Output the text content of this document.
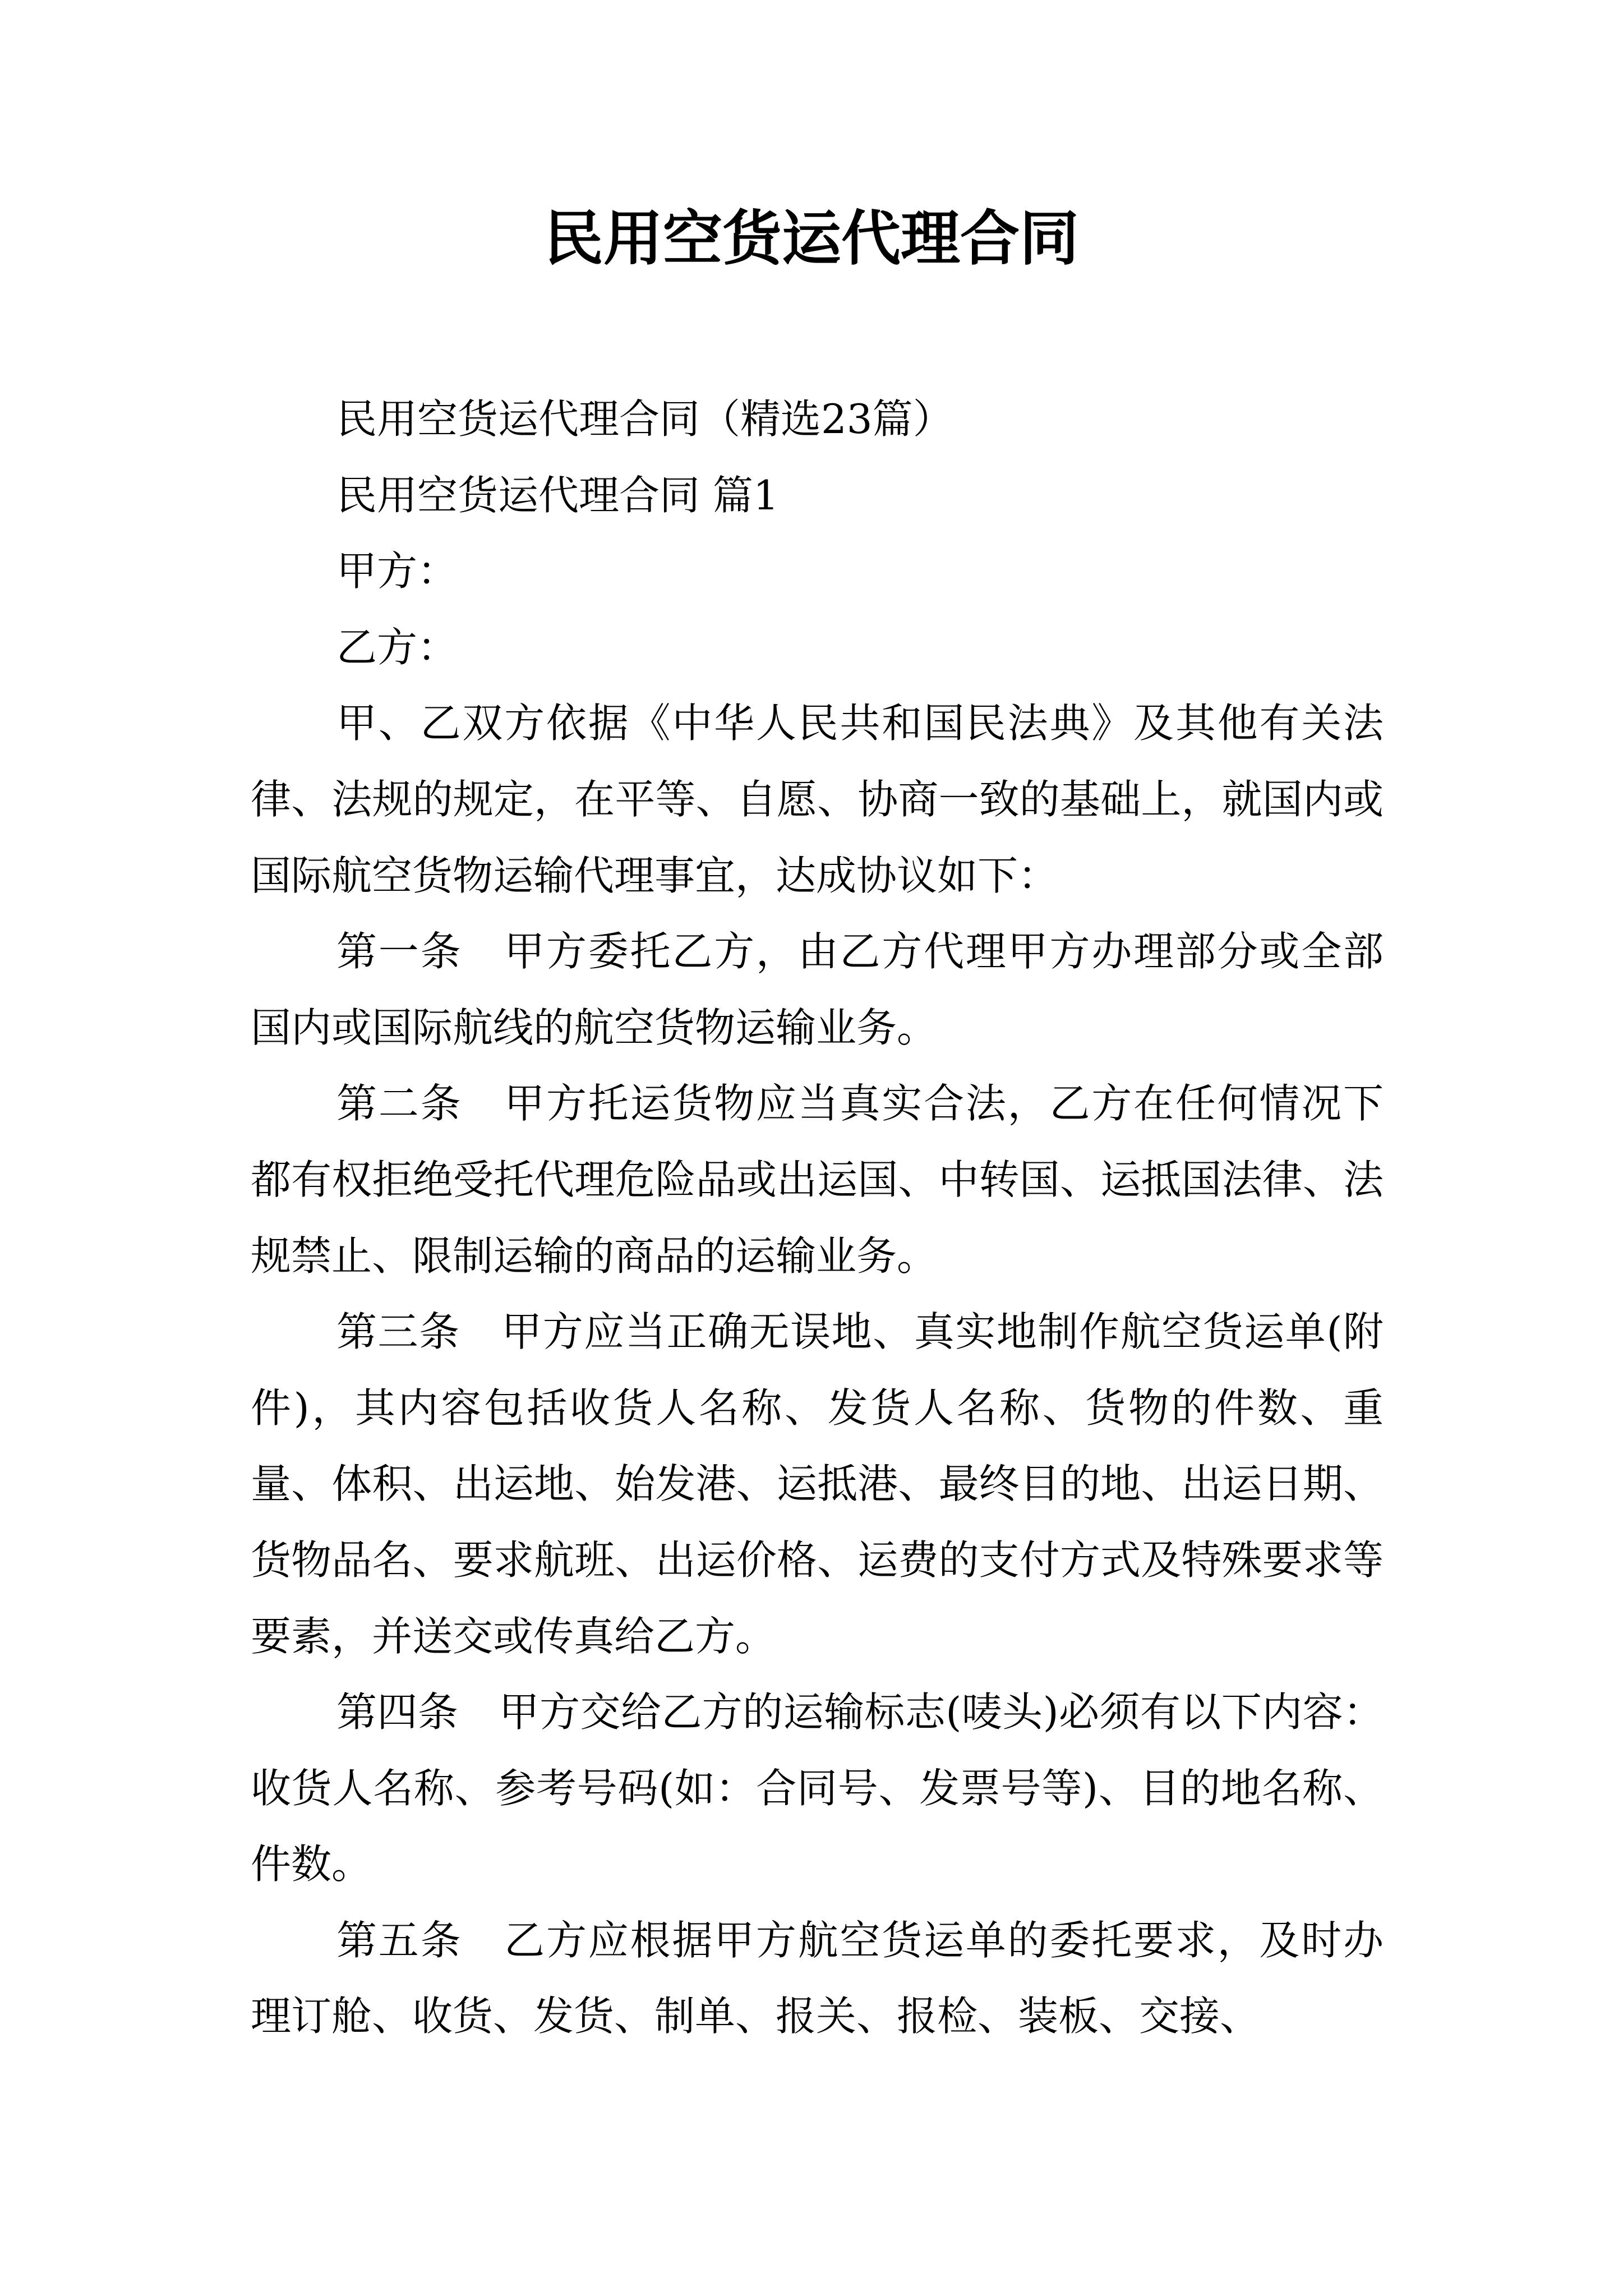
民用空货运代理合同

民用空货运代理合同（精选23篇）

民用空货运代理合同 篇1

甲方：

乙方：

甲、乙双方依据《中华人民共和国民法典》及其他有关法律、法规的规定，在平等、自愿、协商一致的基础上，就国内或国际航空货物运输代理事宜，达成协议如下：

第一条　甲方委托乙方，由乙方代理甲方办理部分或全部国内或国际航线的航空货物运输业务。

第二条　甲方托运货物应当真实合法，乙方在任何情况下都有权拒绝受托代理危险品或出运国、中转国、运抵国法律、法规禁止、限制运输的商品的运输业务。

第三条　甲方应当正确无误地、真实地制作航空货运单(附件)，其内容包括收货人名称、发货人名称、货物的件数、重量、体积、出运地、始发港、运抵港、最终目的地、出运日期、货物品名、要求航班、出运价格、运费的支付方式及特殊要求等要素，并送交或传真给乙方。

第四条　甲方交给乙方的运输标志(唛头)必须有以下内容：收货人名称、参考号码(如：合同号、发票号等)、目的地名称、件数。

第五条　乙方应根据甲方航空货运单的委托要求，及时办理订舱、收货、发货、制单、报关、报检、装板、交接、
